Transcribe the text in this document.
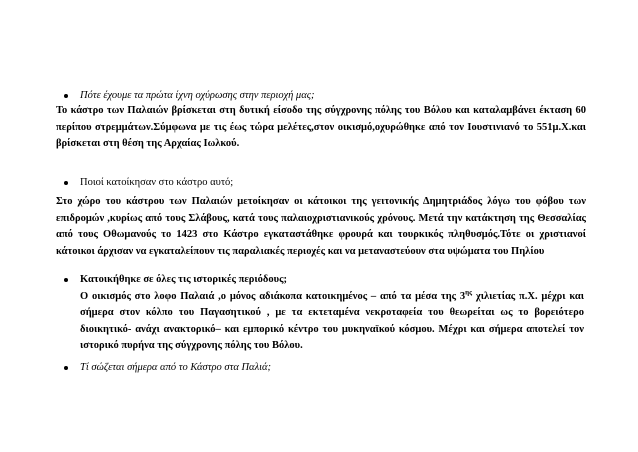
Πότε έχουμε τα πρώτα ίχνη οχύρωσης στην περιοχή μας;

Το κάστρο των Παλαιών βρίσκεται στη δυτική είσοδο της σύγχρονης πόλης του Βόλου και καταλαμβάνει έκταση 60 περίπου στρεμμάτων.Σύμφωνα με τις έως τώρα μελέτες,στον οικισμό,οχυρώθηκε από τον Ιουστινιανό το 551μ.Χ.και βρίσκεται στη θέση της Αρχαίας Ιωλκού.

Ποιοί κατοίκησαν στο κάστρο αυτό;

Στο χώρο του κάστρου των Παλαιών μετοίκησαν οι κάτοικοι της γειτονικής Δημητριάδος λόγω του φόβου των επιδρομών ,κυρίως από τους Σλάβους, κατά τους παλαιοχριστιανικούς χρόνους. Μετά την κατάκτηση της Θεσσαλίας από τους Οθωμανούς το 1423 στο Κάστρο εγκαταστάθηκε φρουρά και τουρκικός πληθυσμός.Τότε οι χριστιανοί κάτοικοι άρχισαν να εγκαταλείπουν τις παραλιακές περιοχές και να μεταναστεύουν στα υψώματα του Πηλίου

Κατοικήθηκε σε όλες τις ιστορικές περιόδους;
Ο οικισμός στο λοφο Παλαιά ,ο μόνος αδιάκοπα κατοικημένος – από τα μέσα της $3^{\eta\varsigma}$ χιλιετίας π.Χ. μέχρι και σήμερα στον κόλπο του Παγασητικού , με τα εκτεταμένα νεκροταφεία του θεωρείται ως το βορειότερο διοικητικό- ανάχι ανακτορικό– και εμπορικό κέντρο του μυκηναϊκού κόσμου. Μέχρι και σήμερα αποτελεί τον ιστορικό πυρήνα της σύγχρονης πόλης του Βόλου.
Τί σώζεται σήμερα από το Κάστρο στα Παλιά;
